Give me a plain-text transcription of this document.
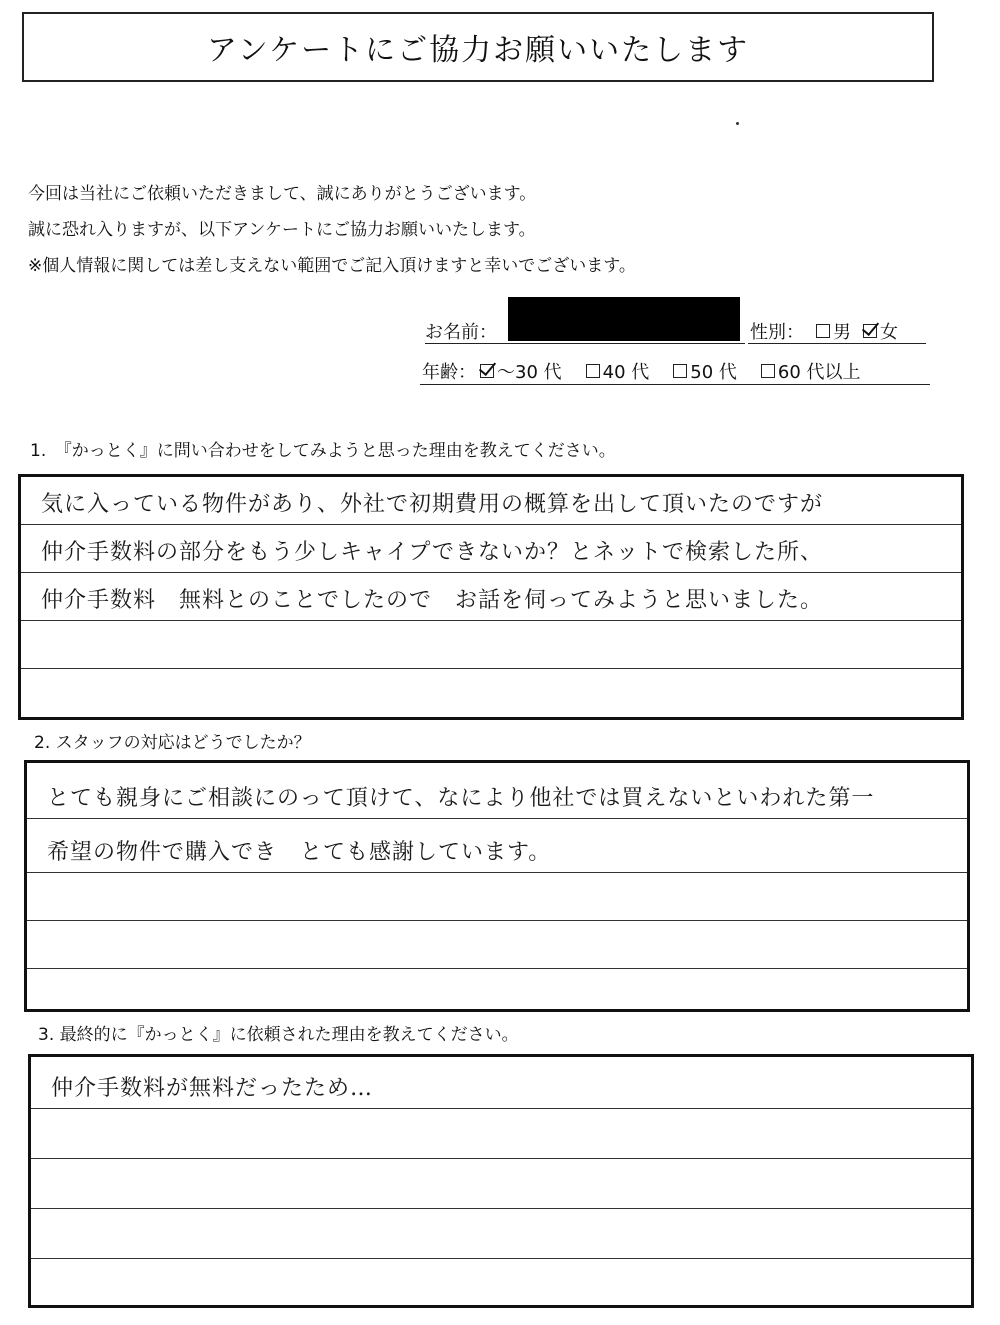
アンケートにご協力お願いいたします
今回は当社にご依頼いただきまして、誠にありがとうございます。
誠に恐れ入りますが、以下アンケートにご協力お願いいたします。
※個人情報に関しては差し支えない範囲でご記入頂けますと幸いでございます。
お名前：	性別： 男 女
年齢： ～30 代 40 代 50 代 60 代以上
1.　『かっとく』に問い合わせをしてみようと思った理由を教えてください。
気に入っている物件があり、外社で初期費用の概算を出して頂いたのですが
仲介手数料の部分をもう少しキャイプできないか？とネットで検索した所、
仲介手数料　無料とのことでしたので　お話を伺ってみようと思いました。
2. スタッフの対応はどうでしたか？
とても親身にご相談にのって頂けて、なにより他社では買えないといわれた第一
希望の物件で購入でき　とても感謝しています。
3. 最終的に『かっとく』に依頼された理由を教えてください。
仲介手数料が無料だったため…
